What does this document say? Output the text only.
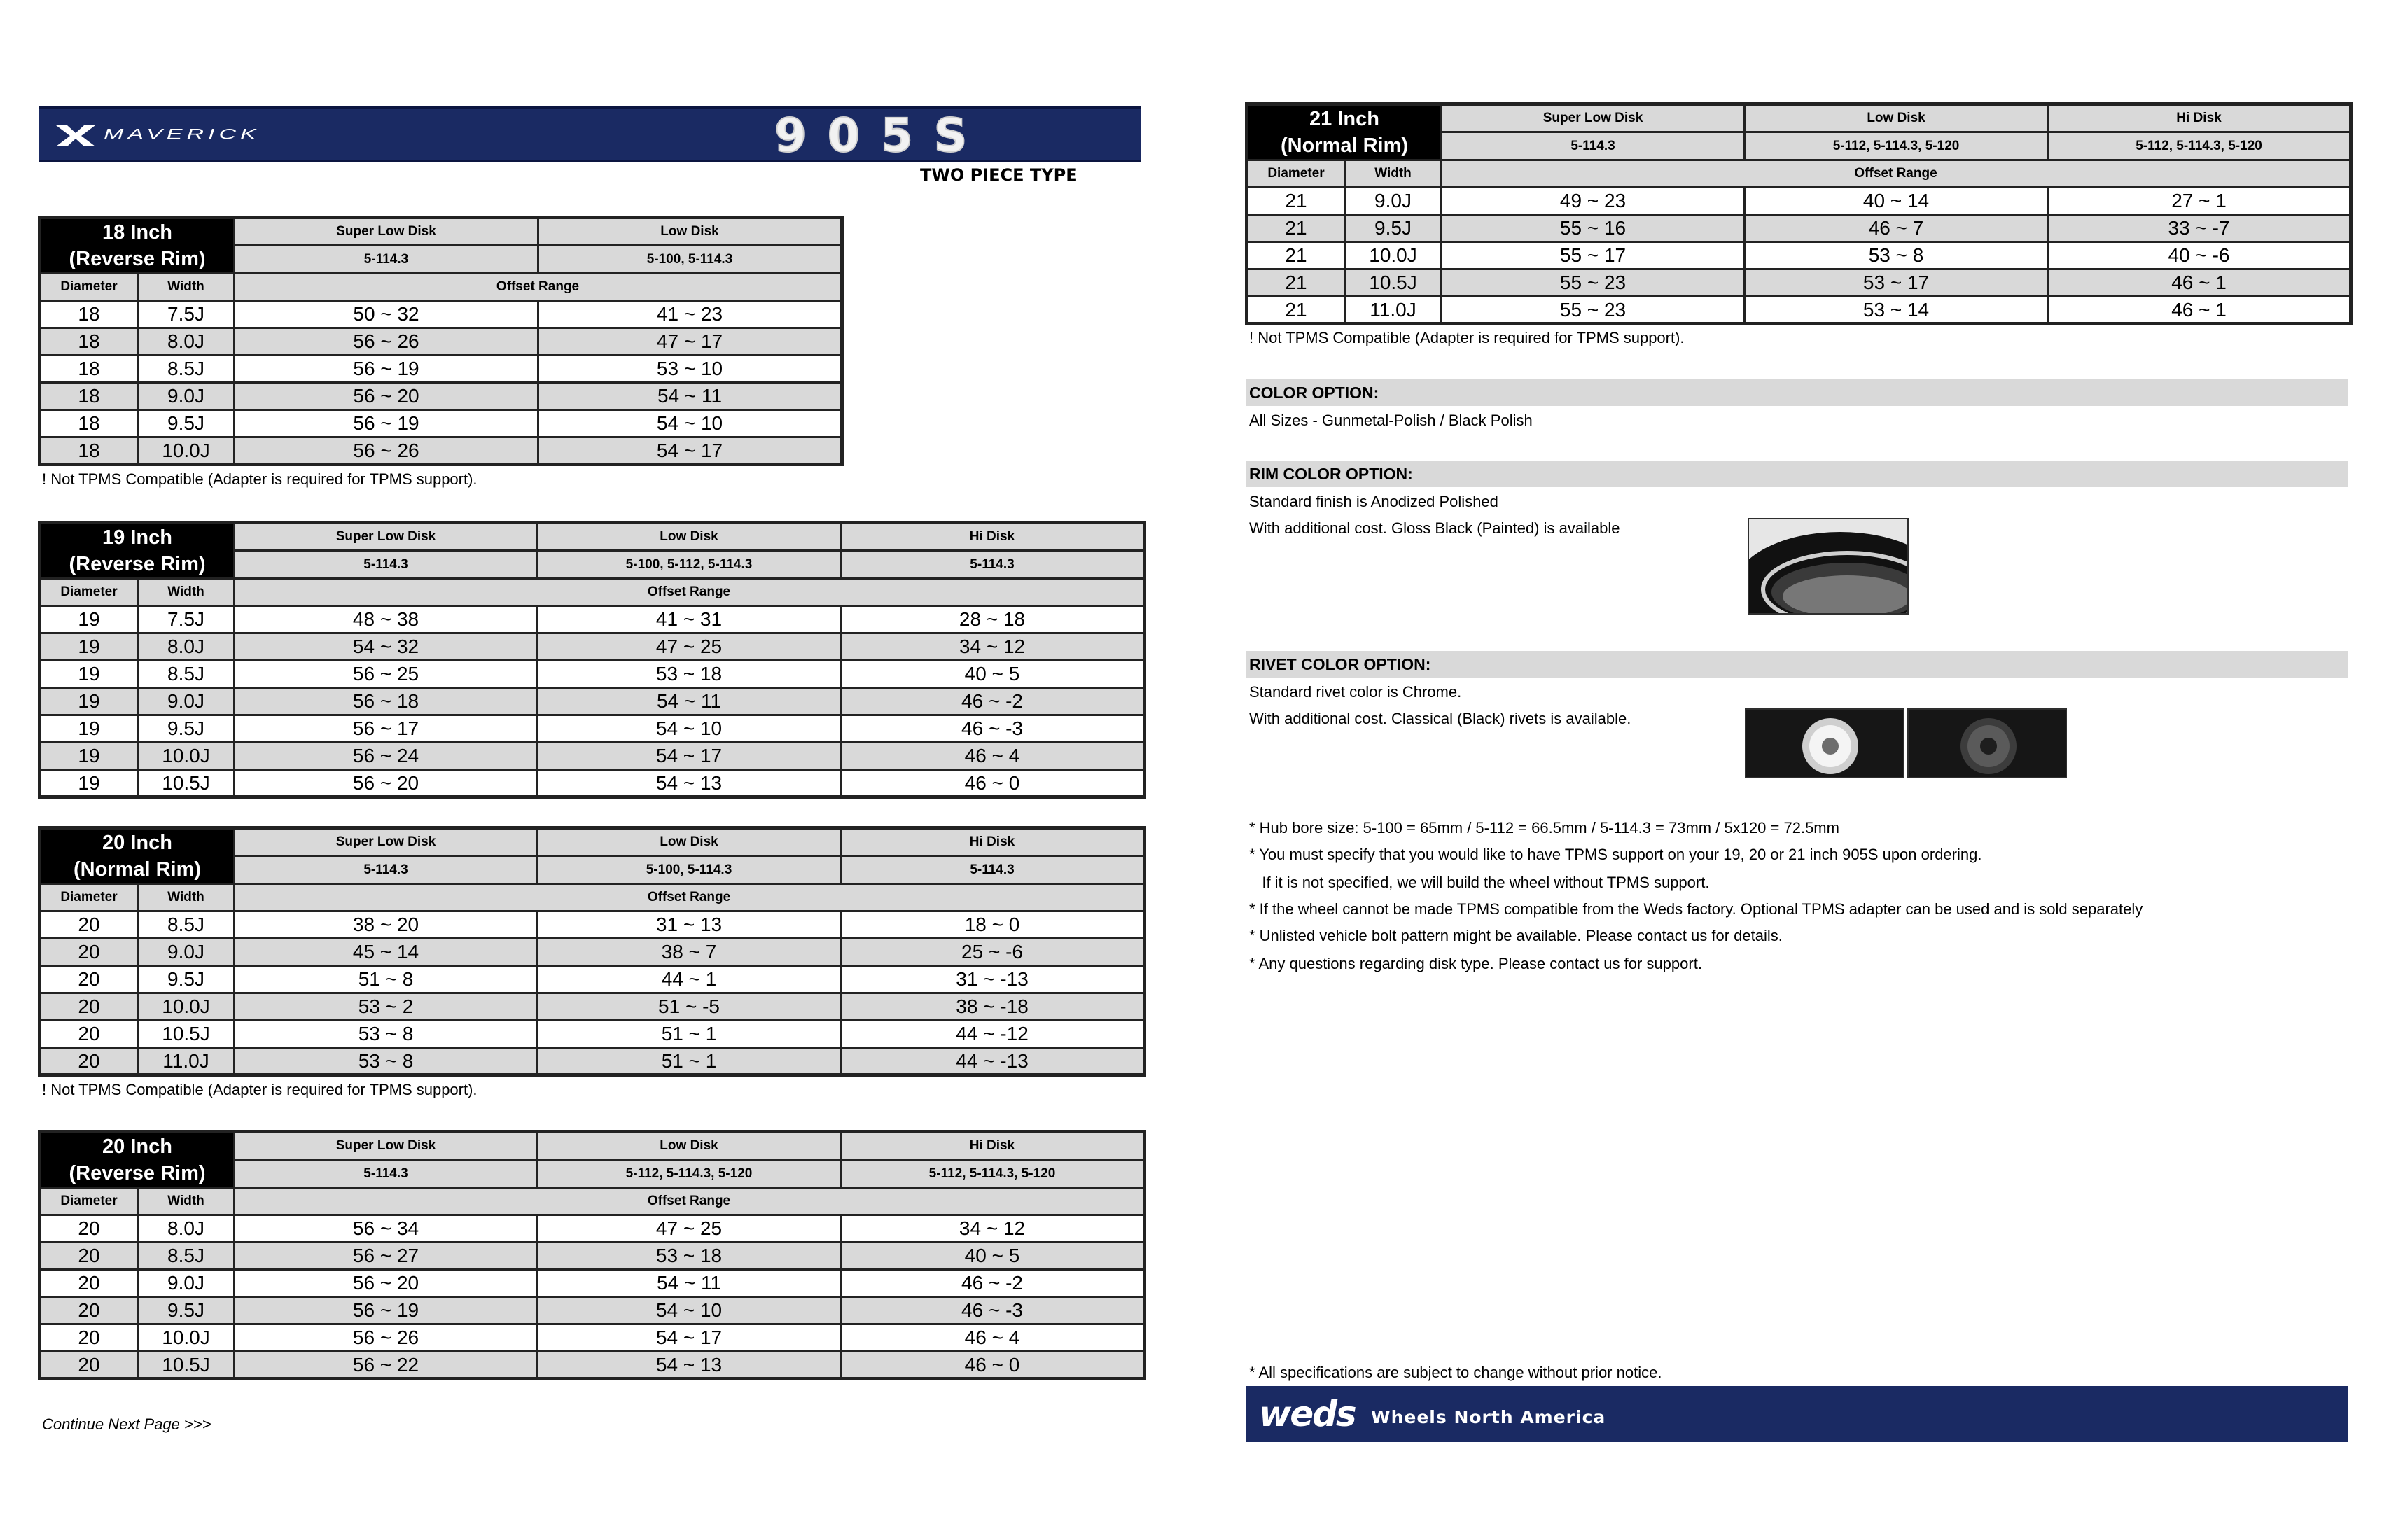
MAVERICK	905S
TWO PIECE TYPE
18 Inch
(Reverse Rim)		Super Low Disk	Low Disk
		5-114.3	5-100, 5-114.3
Diameter	Width	Offset Range	
18	7.5J	50 ~ 32	41 ~ 23
18	8.0J	56 ~ 26	47 ~ 17
18	8.5J	56 ~ 19	53 ~ 10
18	9.0J	56 ~ 20	54 ~ 11
18	9.5J	56 ~ 19	54 ~ 10
18	10.0J	56 ~ 26	54 ~ 17
! Not TPMS Compatible (Adapter is required for TPMS support).
19 Inch
(Reverse Rim)		Super Low Disk	Low Disk	Hi Disk
		5-114.3	5-100, 5-112, 5-114.3	5-114.3
Diameter	Width	Offset Range		
19	7.5J	48 ~ 38	41 ~ 31	28 ~ 18
19	8.0J	54 ~ 32	47 ~ 25	34 ~ 12
19	8.5J	56 ~ 25	53 ~ 18	40 ~ 5
19	9.0J	56 ~ 18	54 ~ 11	46 ~ -2
19	9.5J	56 ~ 17	54 ~ 10	46 ~ -3
19	10.0J	56 ~ 24	54 ~ 17	46 ~ 4
19	10.5J	56 ~ 20	54 ~ 13	46 ~ 0
20 Inch
(Normal Rim)		Super Low Disk	Low Disk	Hi Disk
		5-114.3	5-100, 5-114.3	5-114.3
Diameter	Width	Offset Range		
20	8.5J	38 ~ 20	31 ~ 13	18 ~ 0
20	9.0J	45 ~ 14	38 ~ 7	25 ~ -6
20	9.5J	51 ~ 8	44 ~ 1	31 ~ -13
20	10.0J	53 ~ 2	51 ~ -5	38 ~ -18
20	10.5J	53 ~ 8	51 ~ 1	44 ~ -12
20	11.0J	53 ~ 8	51 ~ 1	44 ~ -13
! Not TPMS Compatible (Adapter is required for TPMS support).
20 Inch
(Reverse Rim)		Super Low Disk	Low Disk	Hi Disk
		5-114.3	5-112, 5-114.3, 5-120	5-112, 5-114.3, 5-120
Diameter	Width	Offset Range		
20	8.0J	56 ~ 34	47 ~ 25	34 ~ 12
20	8.5J	56 ~ 27	53 ~ 18	40 ~ 5
20	9.0J	56 ~ 20	54 ~ 11	46 ~ -2
20	9.5J	56 ~ 19	54 ~ 10	46 ~ -3
20	10.0J	56 ~ 26	54 ~ 17	46 ~ 4
20	10.5J	56 ~ 22	54 ~ 13	46 ~ 0
Continue Next Page >>>
21 Inch
(Normal Rim)		Super Low Disk	Low Disk	Hi Disk
		5-114.3	5-112, 5-114.3, 5-120	5-112, 5-114.3, 5-120
Diameter	Width	Offset Range		
21	9.0J	49 ~ 23	40 ~ 14	27 ~ 1
21	9.5J	55 ~ 16	46 ~ 7	33 ~ -7
21	10.0J	55 ~ 17	53 ~ 8	40 ~ -6
21	10.5J	55 ~ 23	53 ~ 17	46 ~ 1
21	11.0J	55 ~ 23	53 ~ 14	46 ~ 1
! Not TPMS Compatible (Adapter is required for TPMS support).
COLOR OPTION:
All Sizes - Gunmetal-Polish / Black Polish
RIM COLOR OPTION:
Standard finish is Anodized Polished
With additional cost. Gloss Black (Painted) is available
RIVET COLOR OPTION:
Standard rivet color is Chrome.
With additional cost. Classical (Black) rivets is available.
* Hub bore size: 5-100 = 65mm / 5-112 = 66.5mm / 5-114.3 = 73mm / 5x120 = 72.5mm
* You must specify that you would like to have TPMS support on your 19, 20 or 21 inch 905S upon ordering.
If it is not specified, we will build the wheel without TPMS support.
* If the wheel cannot be made TPMS compatible from the Weds factory. Optional TPMS adapter can be used and is sold separately
* Unlisted vehicle bolt pattern might be available. Please contact us for details.
* Any questions regarding disk type. Please contact us for support.
* All specifications are subject to change without prior notice.
weds Wheels North America
